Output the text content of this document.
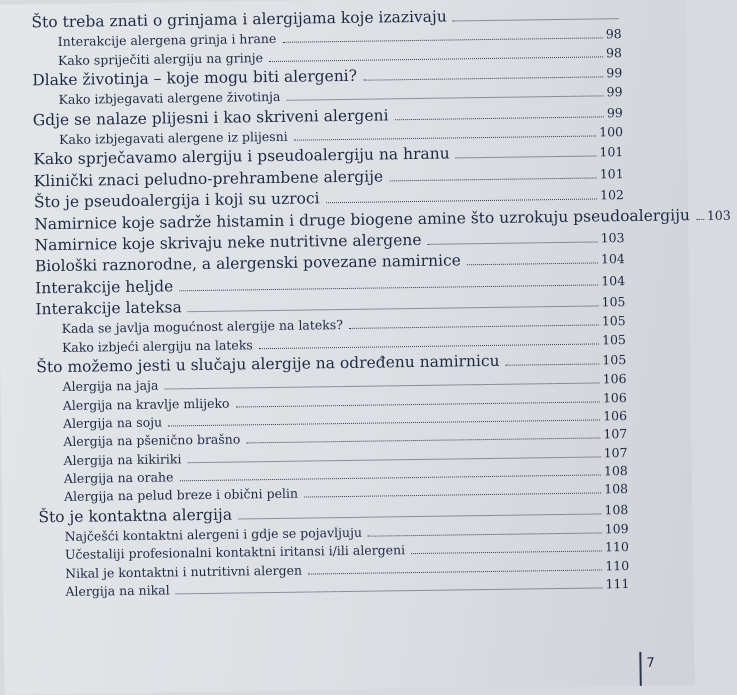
Što treba znati o grinjama i alergijama koje izazivaju
Interakcije alergena grinja i hrane	98
Kako spriječiti alergiju na grinje	98
Dlake životinja – koje mogu biti alergeni?	99
Kako izbjegavati alergene životinja	99
Gdje se nalaze plijesni i kao skriveni alergeni	99
Kako izbjegavati alergene iz plijesni	100
Kako sprječavamo alergiju i pseudoalergiju na hranu	101
Klinički znaci peludno-prehrambene alergije	101
Što je pseudoalergija i koji su uzroci	102
Namirnice koje sadrže histamin i druge biogene amine što uzrokuju pseudoalergiju 103
Namirnice koje skrivaju neke nutritivne alergene	103
Biološki raznorodne, a alergenski povezane namirnice	104
Interakcije heljde	104
Interakcije lateksa	105
Kada se javlja mogućnost alergije na lateks?	105
Kako izbjeći alergiju na lateks	105
Što možemo jesti u slučaju alergije na određenu namirnicu	105
Alergija na jaja	106
Alergija na kravlje mlijeko	106
Alergija na soju	106
Alergija na pšenično brašno	107
Alergija na kikiriki	107
Alergija na orahe	108
Alergija na pelud breze i obični pelin	108
Što je kontaktna alergija	108
Najčešći kontaktni alergeni i gdje se pojavljuju	109
Učestaliji profesionalni kontaktni iritansi i/ili alergeni	110
Nikal je kontaktni i nutritivni alergen	110
Alergija na nikal	111
7
